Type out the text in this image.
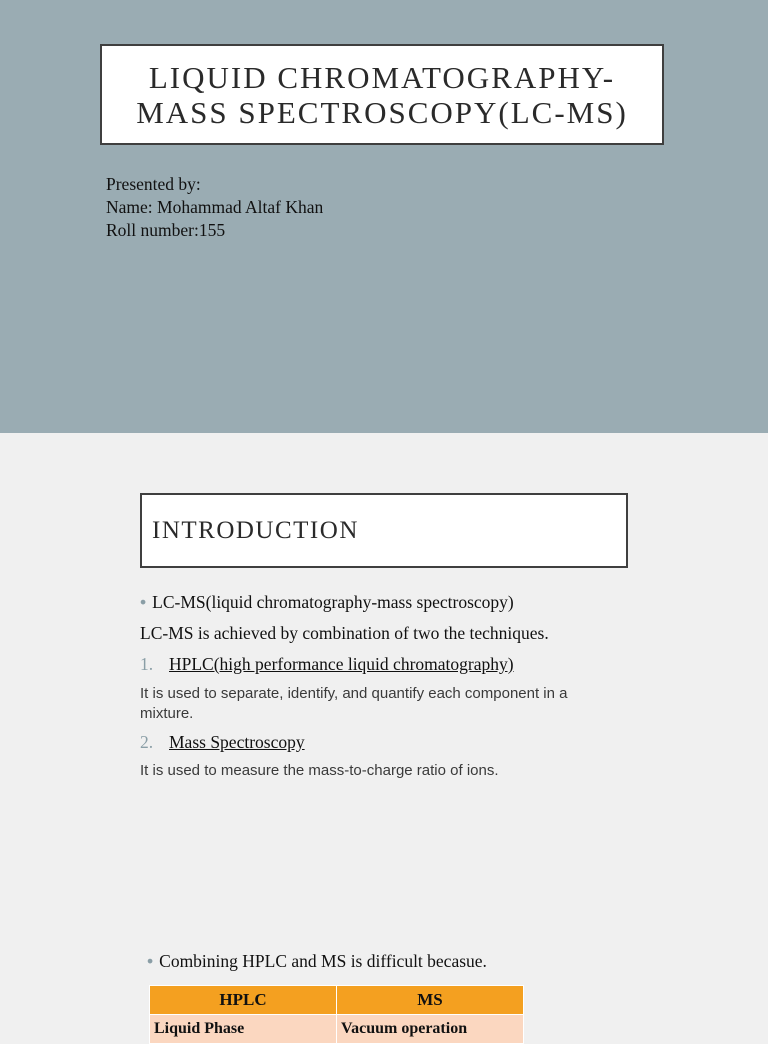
LIQUID CHROMATOGRAPHY-
MASS SPECTROSCOPY(LC-MS)
Presented by:
Name: Mohammad Altaf Khan
Roll number:155
INTRODUCTION
• LC-MS(liquid chromatography-mass spectroscopy)
LC-MS is achieved by combination of two the techniques.
1. HPLC(high performance liquid chromatography)
It is used to separate, identify, and quantify each component in a mixture.
2. Mass Spectroscopy
It is used to measure the mass-to-charge ratio of ions.
• Combining HPLC and MS is difficult becasue.
HPLC	MS
Liquid Phase	Vacuum operation
